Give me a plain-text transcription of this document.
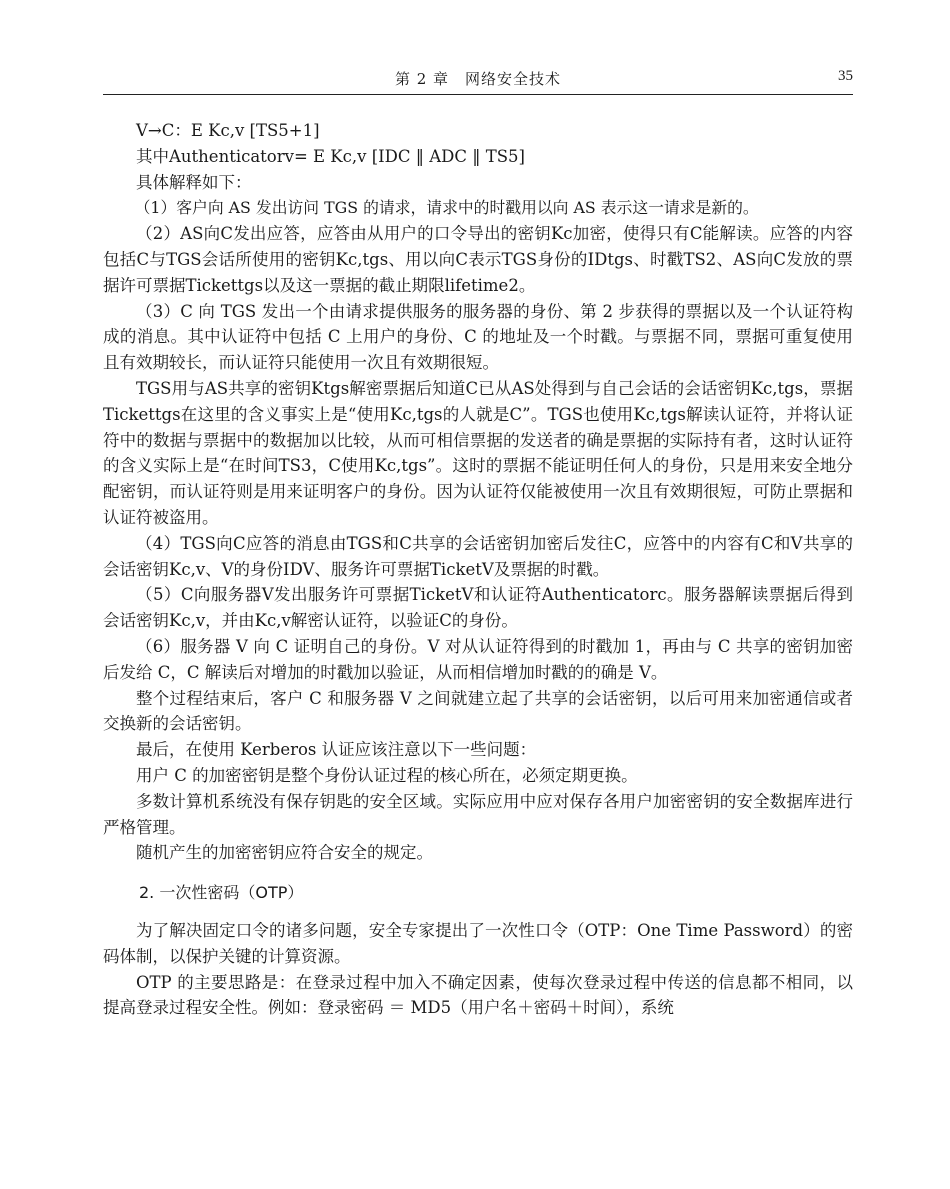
第 2 章　网络安全技术	35

V→C：E Kc,v [TS5+1]

其中Authenticatorv= E Kc,v [IDC ‖ ADC ‖ TS5]

具体解释如下：

（1）客户向 AS 发出访问 TGS 的请求，请求中的时戳用以向 AS 表示这一请求是新的。

（2）AS向C发出应答，应答由从用户的口令导出的密钥Kc加密，使得只有C能解读。应答的内容包括C与TGS会话所使用的密钥Kc,tgs、用以向C表示TGS身份的IDtgs、时戳TS2、AS向C发放的票据许可票据Tickettgs以及这一票据的截止期限lifetime2。

（3）C 向 TGS 发出一个由请求提供服务的服务器的身份、第 2 步获得的票据以及一个认证符构成的消息。其中认证符中包括 C 上用户的身份、C 的地址及一个时戳。与票据不同，票据可重复使用且有效期较长，而认证符只能使用一次且有效期很短。

TGS用与AS共享的密钥Ktgs解密票据后知道C已从AS处得到与自己会话的会话密钥Kc,tgs，票据Tickettgs在这里的含义事实上是“使用Kc,tgs的人就是C”。TGS也使用Kc,tgs解读认证符，并将认证符中的数据与票据中的数据加以比较，从而可相信票据的发送者的确是票据的实际持有者，这时认证符的含义实际上是“在时间TS3，C使用Kc,tgs”。这时的票据不能证明任何人的身份，只是用来安全地分配密钥，而认证符则是用来证明客户的身份。因为认证符仅能被使用一次且有效期很短，可防止票据和认证符被盗用。

（4）TGS向C应答的消息由TGS和C共享的会话密钥加密后发往C，应答中的内容有C和V共享的会话密钥Kc,v、V的身份IDV、服务许可票据TicketV及票据的时戳。

（5）C向服务器V发出服务许可票据TicketV和认证符Authenticatorc。服务器解读票据后得到会话密钥Kc,v，并由Kc,v解密认证符，以验证C的身份。

（6）服务器 V 向 C 证明自己的身份。V 对从认证符得到的时戳加 1，再由与 C 共享的密钥加密后发给 C，C 解读后对增加的时戳加以验证，从而相信增加时戳的的确是 V。

整个过程结束后，客户 C 和服务器 V 之间就建立起了共享的会话密钥，以后可用来加密通信或者交换新的会话密钥。

最后，在使用 Kerberos 认证应该注意以下一些问题：

用户 C 的加密密钥是整个身份认证过程的核心所在，必须定期更换。

多数计算机系统没有保存钥匙的安全区域。实际应用中应对保存各用户加密密钥的安全数据库进行严格管理。

随机产生的加密密钥应符合安全的规定。

2. 一次性密码（OTP）

为了解决固定口令的诸多问题，安全专家提出了一次性口令（OTP：One Time Password）的密码体制，以保护关键的计算资源。

OTP 的主要思路是：在登录过程中加入不确定因素，使每次登录过程中传送的信息都不相同，以提高登录过程安全性。例如：登录密码 ＝ MD5（用户名＋密码＋时间），系统
